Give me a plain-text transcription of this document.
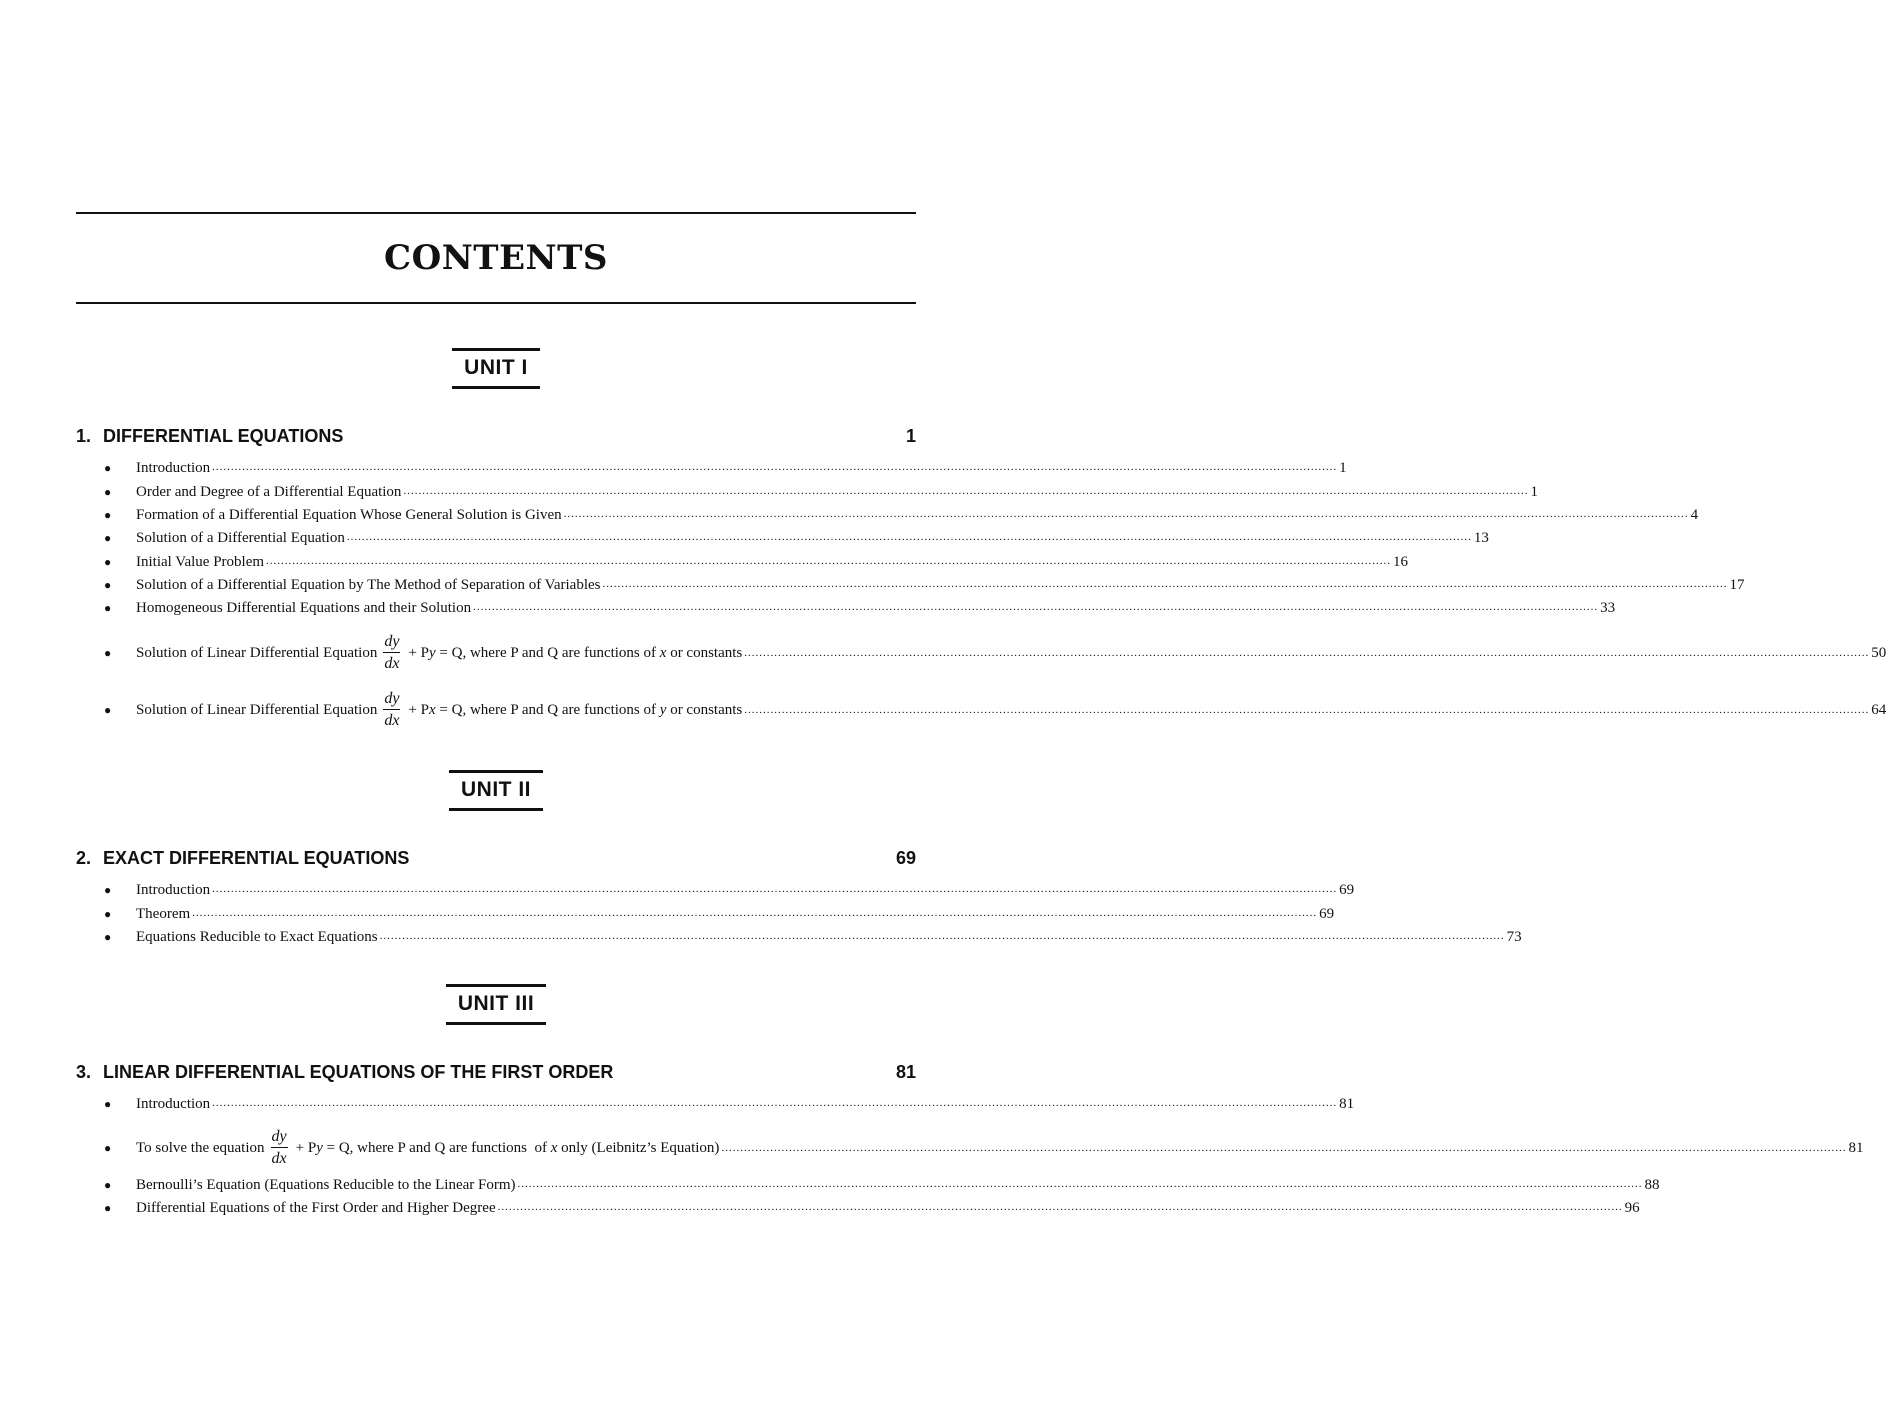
CONTENTS
UNIT I
1. DIFFERENTIAL EQUATIONS	1
●	Introduction ............................................................................................................................................................................................................................................................................................................ 1
●	Order and Degree of a Differential Equation ............................................................................................................................................................................................................................................................................................................ 1
●	Formation of a Differential Equation Whose General Solution is Given ............................................................................................................................................................................................................................................................................................................ 4
●	Solution of a Differential Equation ............................................................................................................................................................................................................................................................................................................ 13
●	Initial Value Problem ............................................................................................................................................................................................................................................................................................................ 16
●	Solution of a Differential Equation by The Method of Separation of Variables ............................................................................................................................................................................................................................................................................................................ 17
●	Homogeneous Differential Equations and their Solution ............................................................................................................................................................................................................................................................................................................ 33
●	Solution of Linear Differential Equation $\frac{dy}{dx} + P$ y = Q, where P and Q are functions of x or constants ............................................................................................................................................................................................................................................................................................................ 50
●	Solution of Linear Differential Equation $\frac{dy}{dx} + P$ x = Q, where P and Q are functions of y or constants ............................................................................................................................................................................................................................................................................................................ 64
UNIT II
2. EXACT DIFFERENTIAL EQUATIONS	69
●	Introduction ............................................................................................................................................................................................................................................................................................................ 69
●	Theorem ............................................................................................................................................................................................................................................................................................................ 69
●	Equations Reducible to Exact Equations ............................................................................................................................................................................................................................................................................................................ 73
UNIT III
3. LINEAR DIFFERENTIAL EQUATIONS OF THE FIRST ORDER	81
●	Introduction ............................................................................................................................................................................................................................................................................................................ 81
●	To solve the equation $\frac{dy}{dx} + P$ y = Q, where P and Q are functions  of x only (Leibnitz’s Equation) ............................................................................................................................................................................................................................................................................................................ 81
●	Bernoulli’s Equation (Equations Reducible to the Linear Form) ............................................................................................................................................................................................................................................................................................................ 88
●	Differential Equations of the First Order and Higher Degree ............................................................................................................................................................................................................................................................................................................ 96
